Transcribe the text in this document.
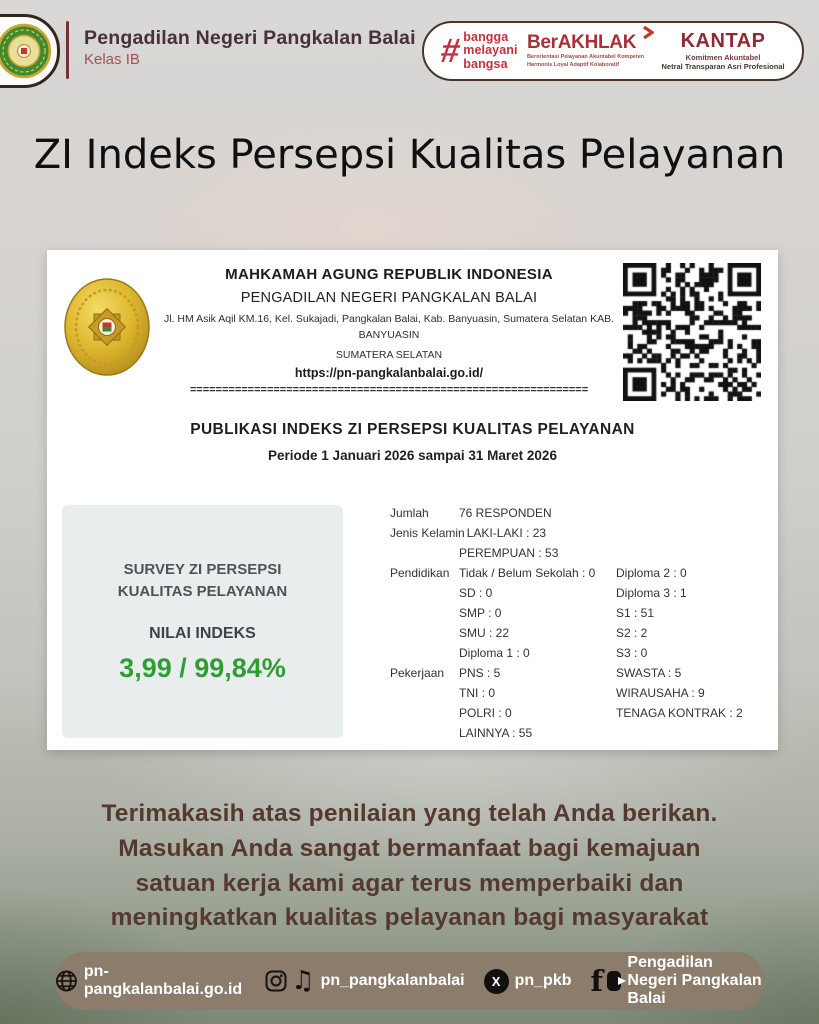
Pengadilan Negeri Pangkalan Balai
Kelas IB	# bangga
melayani
bangsa
BerAKHLAK
Berorientasi Pelayanan Akuntabel Kompeten
Harmonis Loyal Adaptif Kolaboratif
KANTAP
Komitmen Akuntabel
Netral Transparan Asri Profesional
ZI Indeks Persepsi Kualitas Pelayanan
MAHKAMAH AGUNG REPUBLIK INDONESIA
PENGADILAN NEGERI PANGKALAN BALAI
Jl. HM Asik Aqil KM.16, Kel. Sukajadi, Pangkalan Balai, Kab. Banyuasin, Sumatera Selatan KAB. BANYUASIN
SUMATERA SELATAN
https://pn-pangkalanbalai.go.id/
==============================================================
PUBLIKASI INDEKS ZI PERSEPSI KUALITAS PELAYANAN
Periode 1 Januari 2026 sampai 31 Maret 2026
SURVEY ZI PERSEPSI
KUALITAS PELAYANAN
NILAI INDEKS
3,99 / 99,84%
Jumlah	76 RESPONDEN
Jenis Kelamin LAKI-LAKI : 23
PEREMPUAN : 53
Pendidikan Tidak / Belum Sekolah : 0	Diploma 2 : 0
SD : 0	Diploma 3 : 1
SMP : 0	S1 : 51
SMU : 22	S2 : 2
Diploma 1 : 0	S3 : 0
Pekerjaan	PNS : 5	SWASTA : 5
TNI : 0	WIRAUSAHA : 9
POLRI : 0	TENAGA KONTRAK : 2
LAINNYA : 55
Terimakasih atas penilaian yang telah Anda berikan.
Masukan Anda sangat bermanfaat bagi kemajuan
satuan kerja kami agar terus memperbaiki dan
meningkatkan kualitas pelayanan bagi masyarakat
pn-pangkalanbalai.go.id ♫ pn_pangkalanbalai	X pn_pkb f
Pengadilan Negeri Pangkalan Balai
